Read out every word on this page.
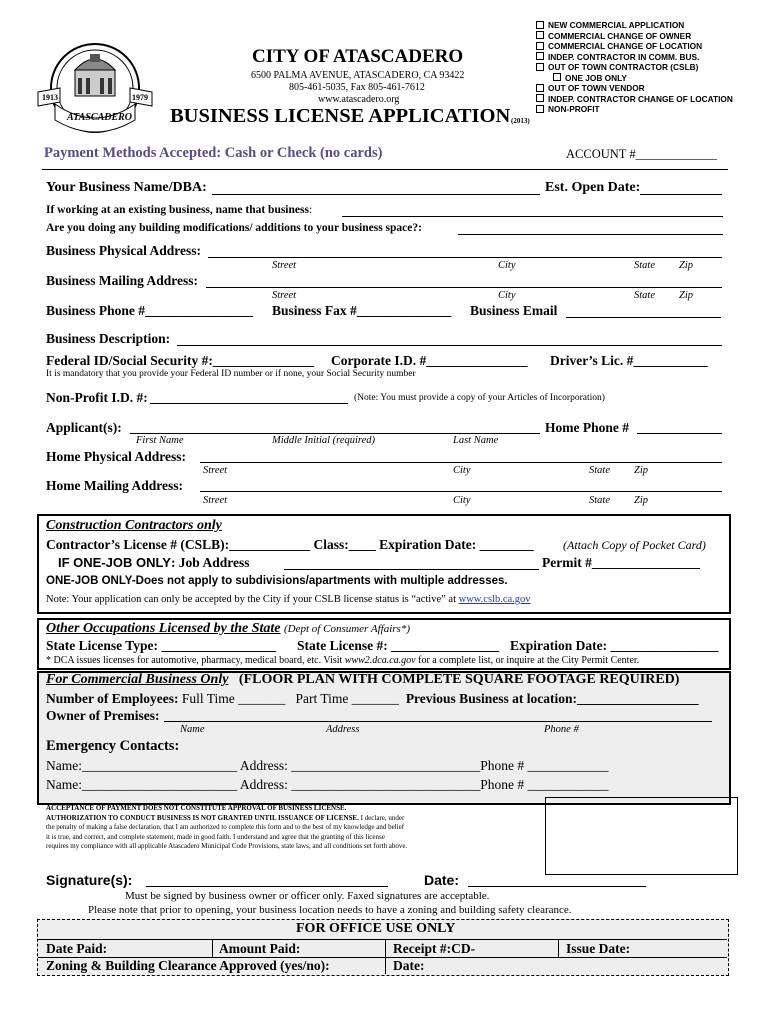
1913	1979
ATASCADERO
CITY OF ATASCADERO
6500 PALMA AVENUE, ATASCADERO, CA 93422
805-461-5035, Fax 805-461-7612
www.atascadero.org
BUSINESS LICENSE APPLICATION (2013)
NEW COMMERCIAL APPLICATION
COMMERCIAL CHANGE OF OWNER
COMMERCIAL CHANGE OF LOCATION
INDEP. CONTRACTOR IN COMM. BUS.
OUT OF TOWN CONTRACTOR (CSLB)
ONE JOB ONLY
OUT OF TOWN VENDOR
INDEP. CONTRACTOR CHANGE OF LOCATION
NON-PROFIT
Payment Methods Accepted: Cash or Check (no cards)	ACCOUNT #_____________
Your Business Name/DBA:	Est. Open Date:
If working at an existing business, name that business:
Are you doing any building modifications/ additions to your business space?:
Business Physical Address:
Street	City	State Zip
Business Mailing Address:
Street	City	State Zip
Business Phone #________________ Business Fax #______________ Business Email
Business Description:
Federal ID/Social Security #:_______________ Corporate I.D. #_______________ Driver’s Lic. #___________
It is mandatory that you provide your Federal ID number or if none, your Social Security number
Non-Profit I.D. #:	(Note: You must provide a copy of your Articles of Incorporation)
Applicant(s):	Home Phone #
First Name	Middle Initial (required)	Last Name
Home Physical Address:
Street	City	State Zip
Home Mailing Address:
Street	City	State Zip
Construction Contractors only
Contractor’s License # (CSLB):____________ Class:____ Expiration Date: ________ (Attach Copy of Pocket Card)
IF ONE-JOB ONLY: Job Address	Permit #________________
ONE-JOB ONLY-Does not apply to subdivisions/apartments with multiple addresses.
Note: Your application can only be accepted by the City if your CSLB license status is “active” at www.cslb.ca.gov
Other Occupations Licensed by the State (Dept of Consumer Affairs*)
State License Type: _________________ State License #: ________________ Expiration Date: ________________
* DCA issues licenses for automotive, pharmacy, medical board, etc. Visit www2.dca.ca.gov for a complete list, or inquire at the City Permit Center.
For Commercial Business Only (FLOOR PLAN WITH COMPLETE SQUARE FOOTAGE REQUIRED)
Number of Employees: Full Time _______ Part Time _______ Previous Business at location:__________________
Owner of Premises:
Name	Address	Phone #
Emergency Contacts:
Name:_______________________ Address: ____________________________Phone # ____________
Name:_______________________ Address: ____________________________Phone # ____________
ACCEPTANCE OF PAYMENT DOES NOT CONSTITUTE APPROVAL OF BUSINESS LICENSE. AUTHORIZATION TO CONDUCT BUSINESS IS NOT GRANTED UNTIL ISSUANCE OF LICENSE. I declare, under the penalty of making a false declaration, that I am authorized to complete this form and to the best of my knowledge and belief it is true, and correct, and complete statement, made in good faith. I understand and agree that the granting of this license requires my compliance with all applicable Atascadero Municipal Code Provisions, state laws, and all conditions set forth above.
Signature(s):	Date:
Must be signed by business owner or officer only. Faxed signatures are acceptable.
Please note that prior to opening, your business location needs to have a zoning and building safety clearance.
FOR OFFICE USE ONLY
Date Paid:	Amount Paid:	Receipt #:CD-	Issue Date:
Zoning & Building Clearance Approved (yes/no):	Date:
